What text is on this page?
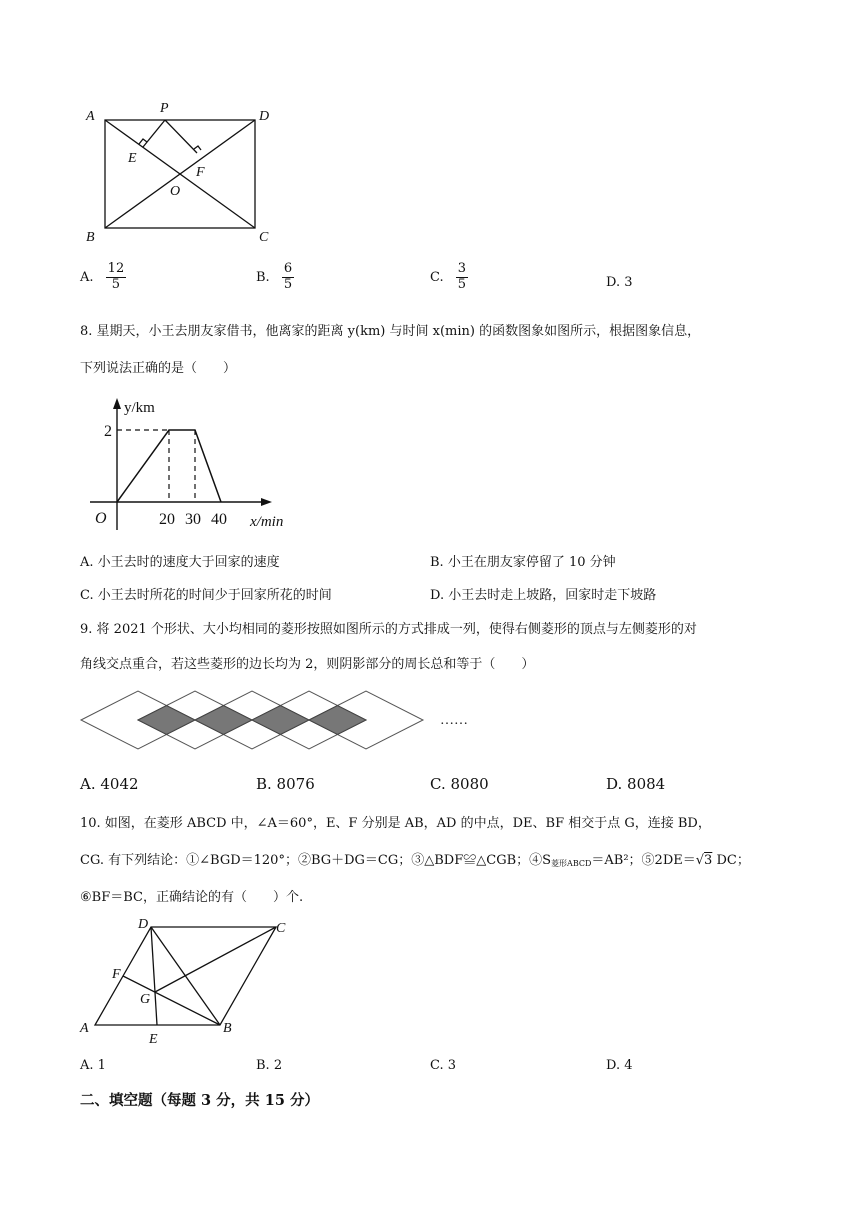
A
P
D
E
F
O
B	C
A. $\frac{12}{5}$	B. $\frac{6}{5}$	C. $\frac{3}{5}$	D. 3
8. 星期天，小王去朋友家借书，他离家的距离 y(km) 与时间 x(min) 的函数图象如图所示，根据图象信息，
下列说法正确的是（　　）
y/km
x/min
O
2
20 30 40
A. 小王去时的速度大于回家的速度	B. 小王在朋友家停留了 10 分钟
C. 小王去时所花的时间少于回家所花的时间	D. 小王去时走上坡路，回家时走下坡路
9. 将 2021 个形状、大小均相同的菱形按照如图所示的方式排成一列，使得右侧菱形的顶点与左侧菱形的对
角线交点重合，若这些菱形的边长均为 2，则阴影部分的周长总和等于（　　）
……
A. 4042	B. 8076	C. 8080	D. 8084
10. 如图，在菱形 ABCD 中，∠A＝60°，E、F 分别是 AB，AD 的中点，DE、BF 相交于点 G，连接 BD，
CG. 有下列结论：①∠BGD＝120°；②BG＋DG＝CG；③△BDF≌△CGB；$④S_{菱形ABCD}=AB^2$；⑤2DE＝√3 DC；
⑥BF＝BC，正确结论的有（　　）个.
D	C
F
G
A
E
B
A. 1	B. 2	C. 3	D. 4
二、填空题（每题 3 分，共 15 分）
